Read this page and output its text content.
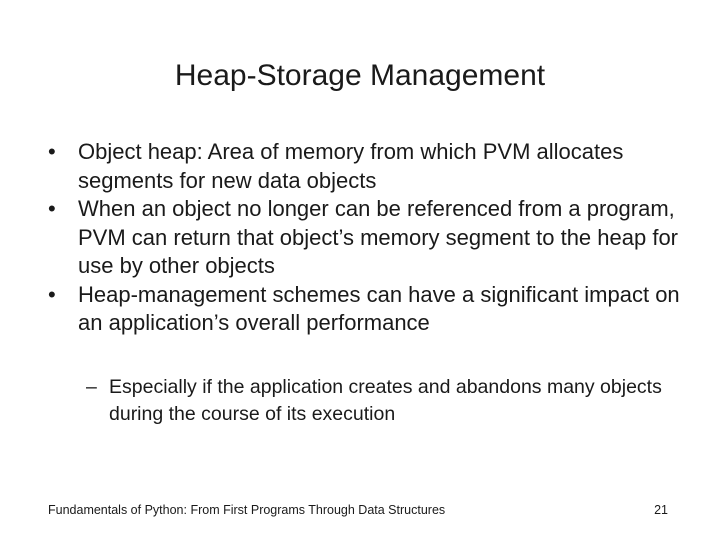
Heap-Storage Management
•	Object heap: Area of memory from which PVM allocates segments for new data objects
•	When an object no longer can be referenced from a program, PVM can return that object’s memory segment to the heap for use by other objects
•	Heap-management schemes can have a significant impact on an application’s overall performance
– Especially if the application creates and abandons many objects during the course of its execution
Fundamentals of Python: From First Programs Through Data Structures	21
